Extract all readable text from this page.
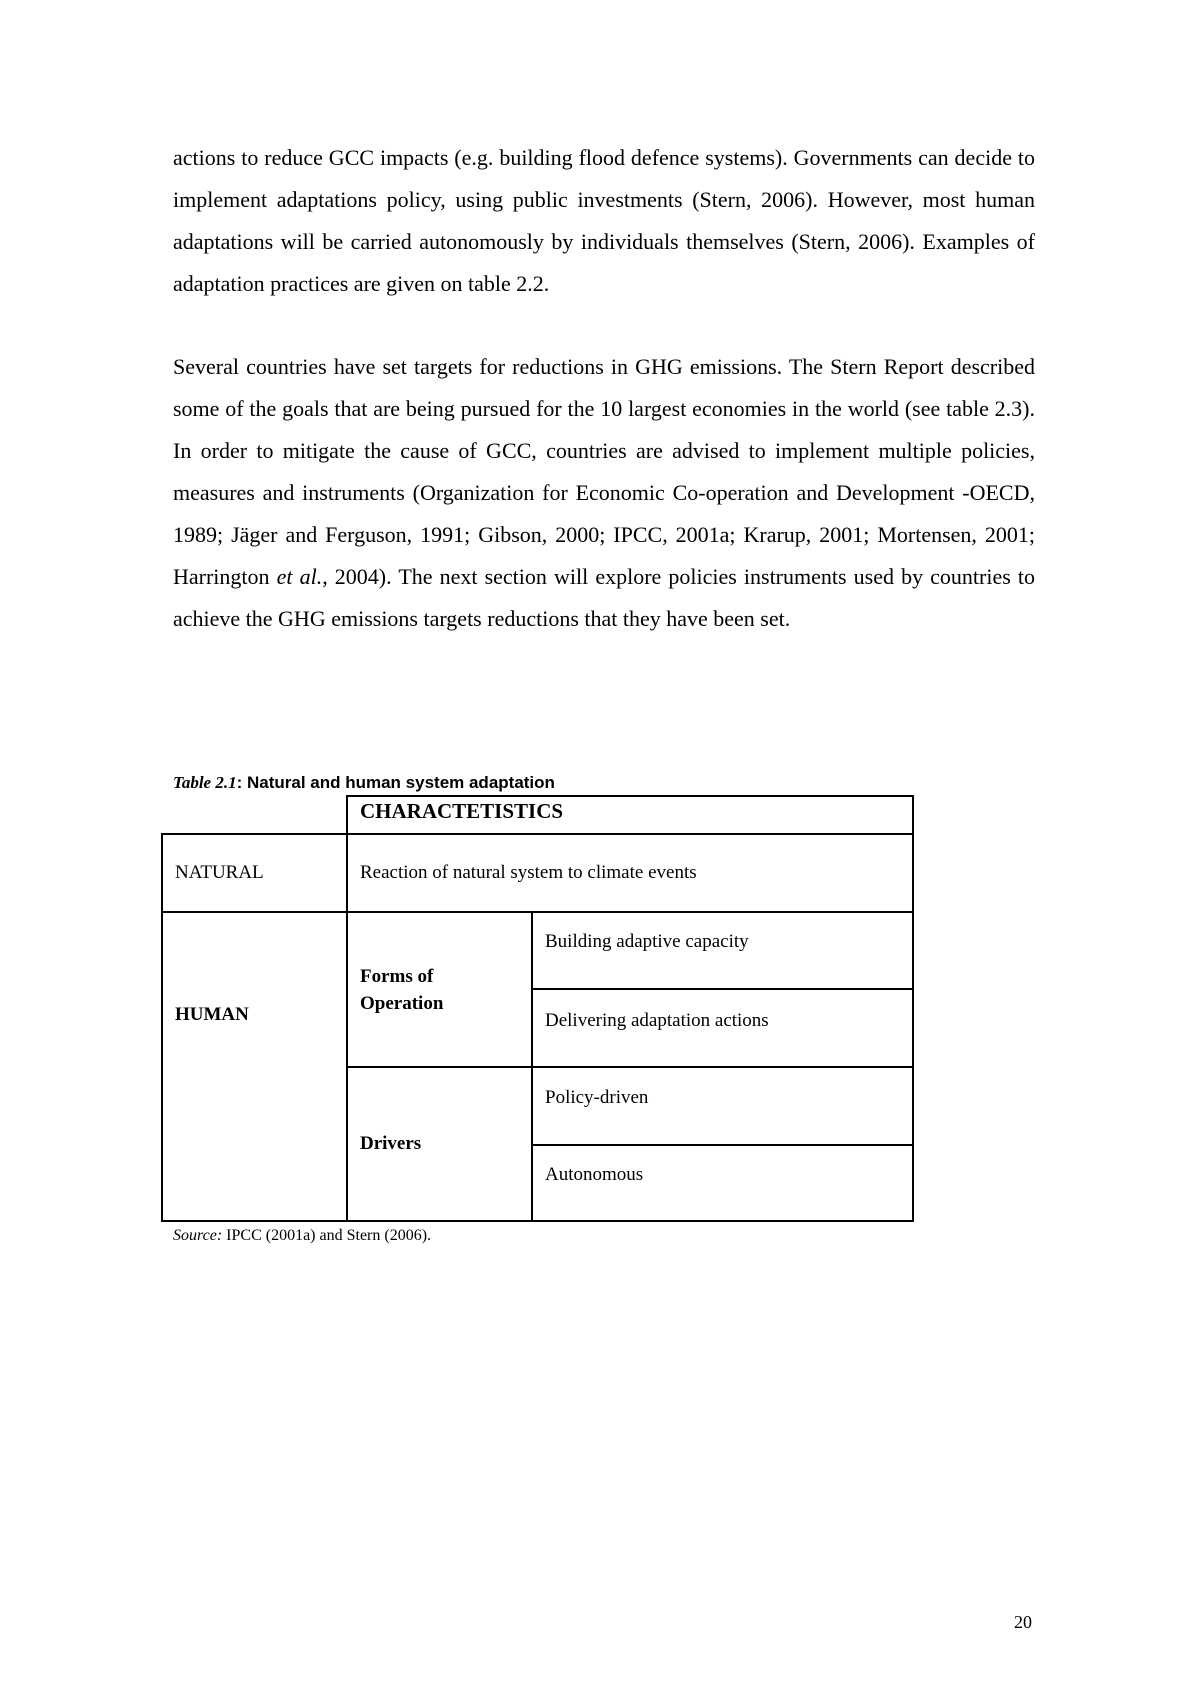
actions to reduce GCC impacts (e.g. building flood defence systems). Governments can decide to implement adaptations policy, using public investments (Stern, 2006). However, most human adaptations will be carried autonomously by individuals themselves (Stern, 2006). Examples of adaptation practices are given on table 2.2.

Several countries have set targets for reductions in GHG emissions. The Stern Report described some of the goals that are being pursued for the 10 largest economies in the world (see table 2.3). In order to mitigate the cause of GCC, countries are advised to implement multiple policies, measures and instruments (Organization for Economic Co-operation and Development -OECD, 1989; Jäger and Ferguson, 1991; Gibson, 2000; IPCC, 2001a; Krarup, 2001; Mortensen, 2001; Harrington et al., 2004). The next section will explore policies instruments used by countries to achieve the GHG emissions targets reductions that they have been set.

Table 2.1: Natural and human system adaptation

CHARACTETISTICS
NATURAL	Reaction of natural system to climate events
HUMAN
Forms of Operation
Building adaptive capacity
Delivering adaptation actions
Drivers
Policy-driven
Autonomous

Source: IPCC (2001a) and Stern (2006).

20
